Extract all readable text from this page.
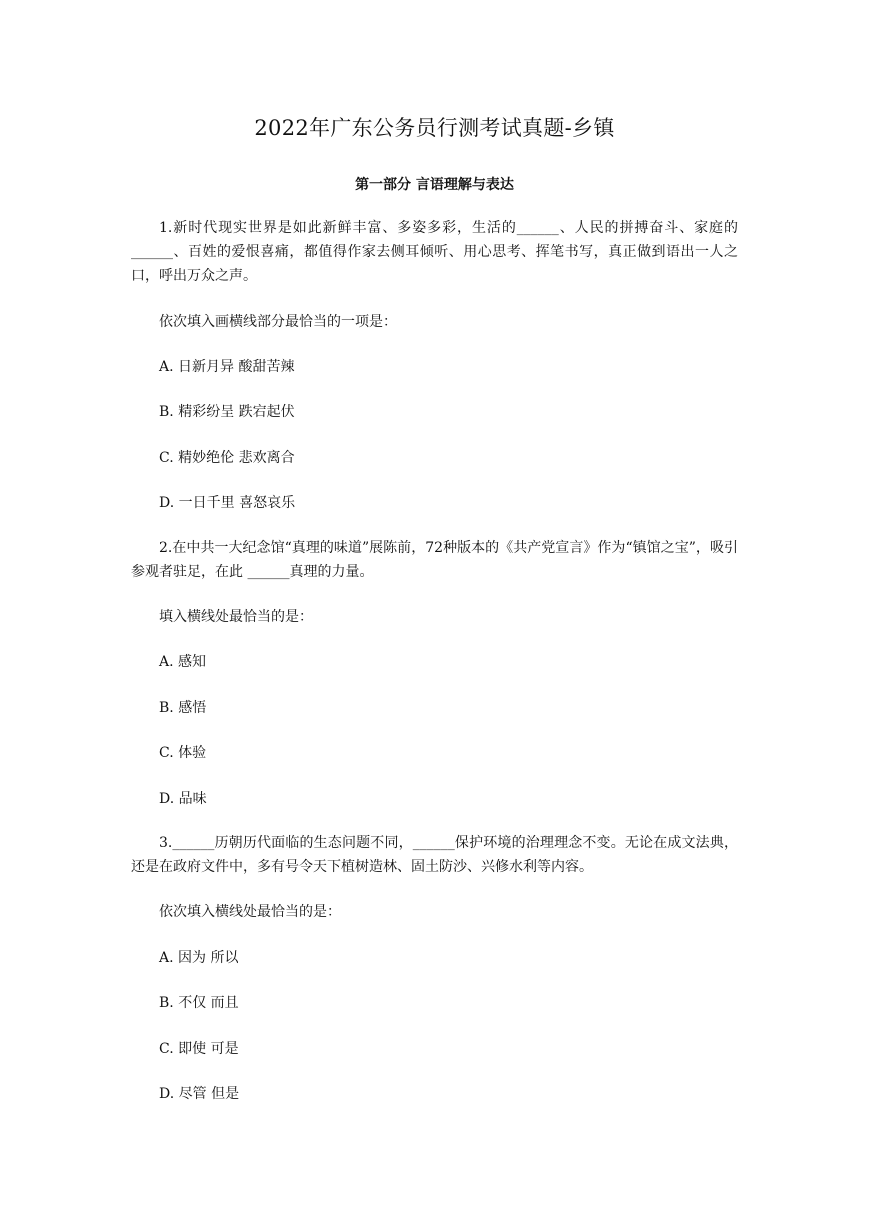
2022年广东公务员行测考试真题-乡镇
第一部分 言语理解与表达
1.新时代现实世界是如此新鲜丰富、多姿多彩，生活的______、人民的拼搏奋斗、家庭的______、百姓的爱恨喜痛，都值得作家去侧耳倾听、用心思考、挥笔书写，真正做到语出一人之口，呼出万众之声。
依次填入画横线部分最恰当的一项是：
A. 日新月异 酸甜苦辣
B. 精彩纷呈 跌宕起伏
C. 精妙绝伦 悲欢离合
D. 一日千里 喜怒哀乐
2.在中共一大纪念馆“真理的味道”展陈前，72种版本的《共产党宣言》作为“镇馆之宝”，吸引参观者驻足，在此 ______真理的力量。
填入横线处最恰当的是：
A. 感知
B. 感悟
C. 体验
D. 品味
3.______历朝历代面临的生态问题不同，______保护环境的治理理念不变。无论在成文法典，还是在政府文件中，多有号令天下植树造林、固土防沙、兴修水利等内容。
依次填入横线处最恰当的是：
A. 因为 所以
B. 不仅 而且
C. 即使 可是
D. 尽管 但是
